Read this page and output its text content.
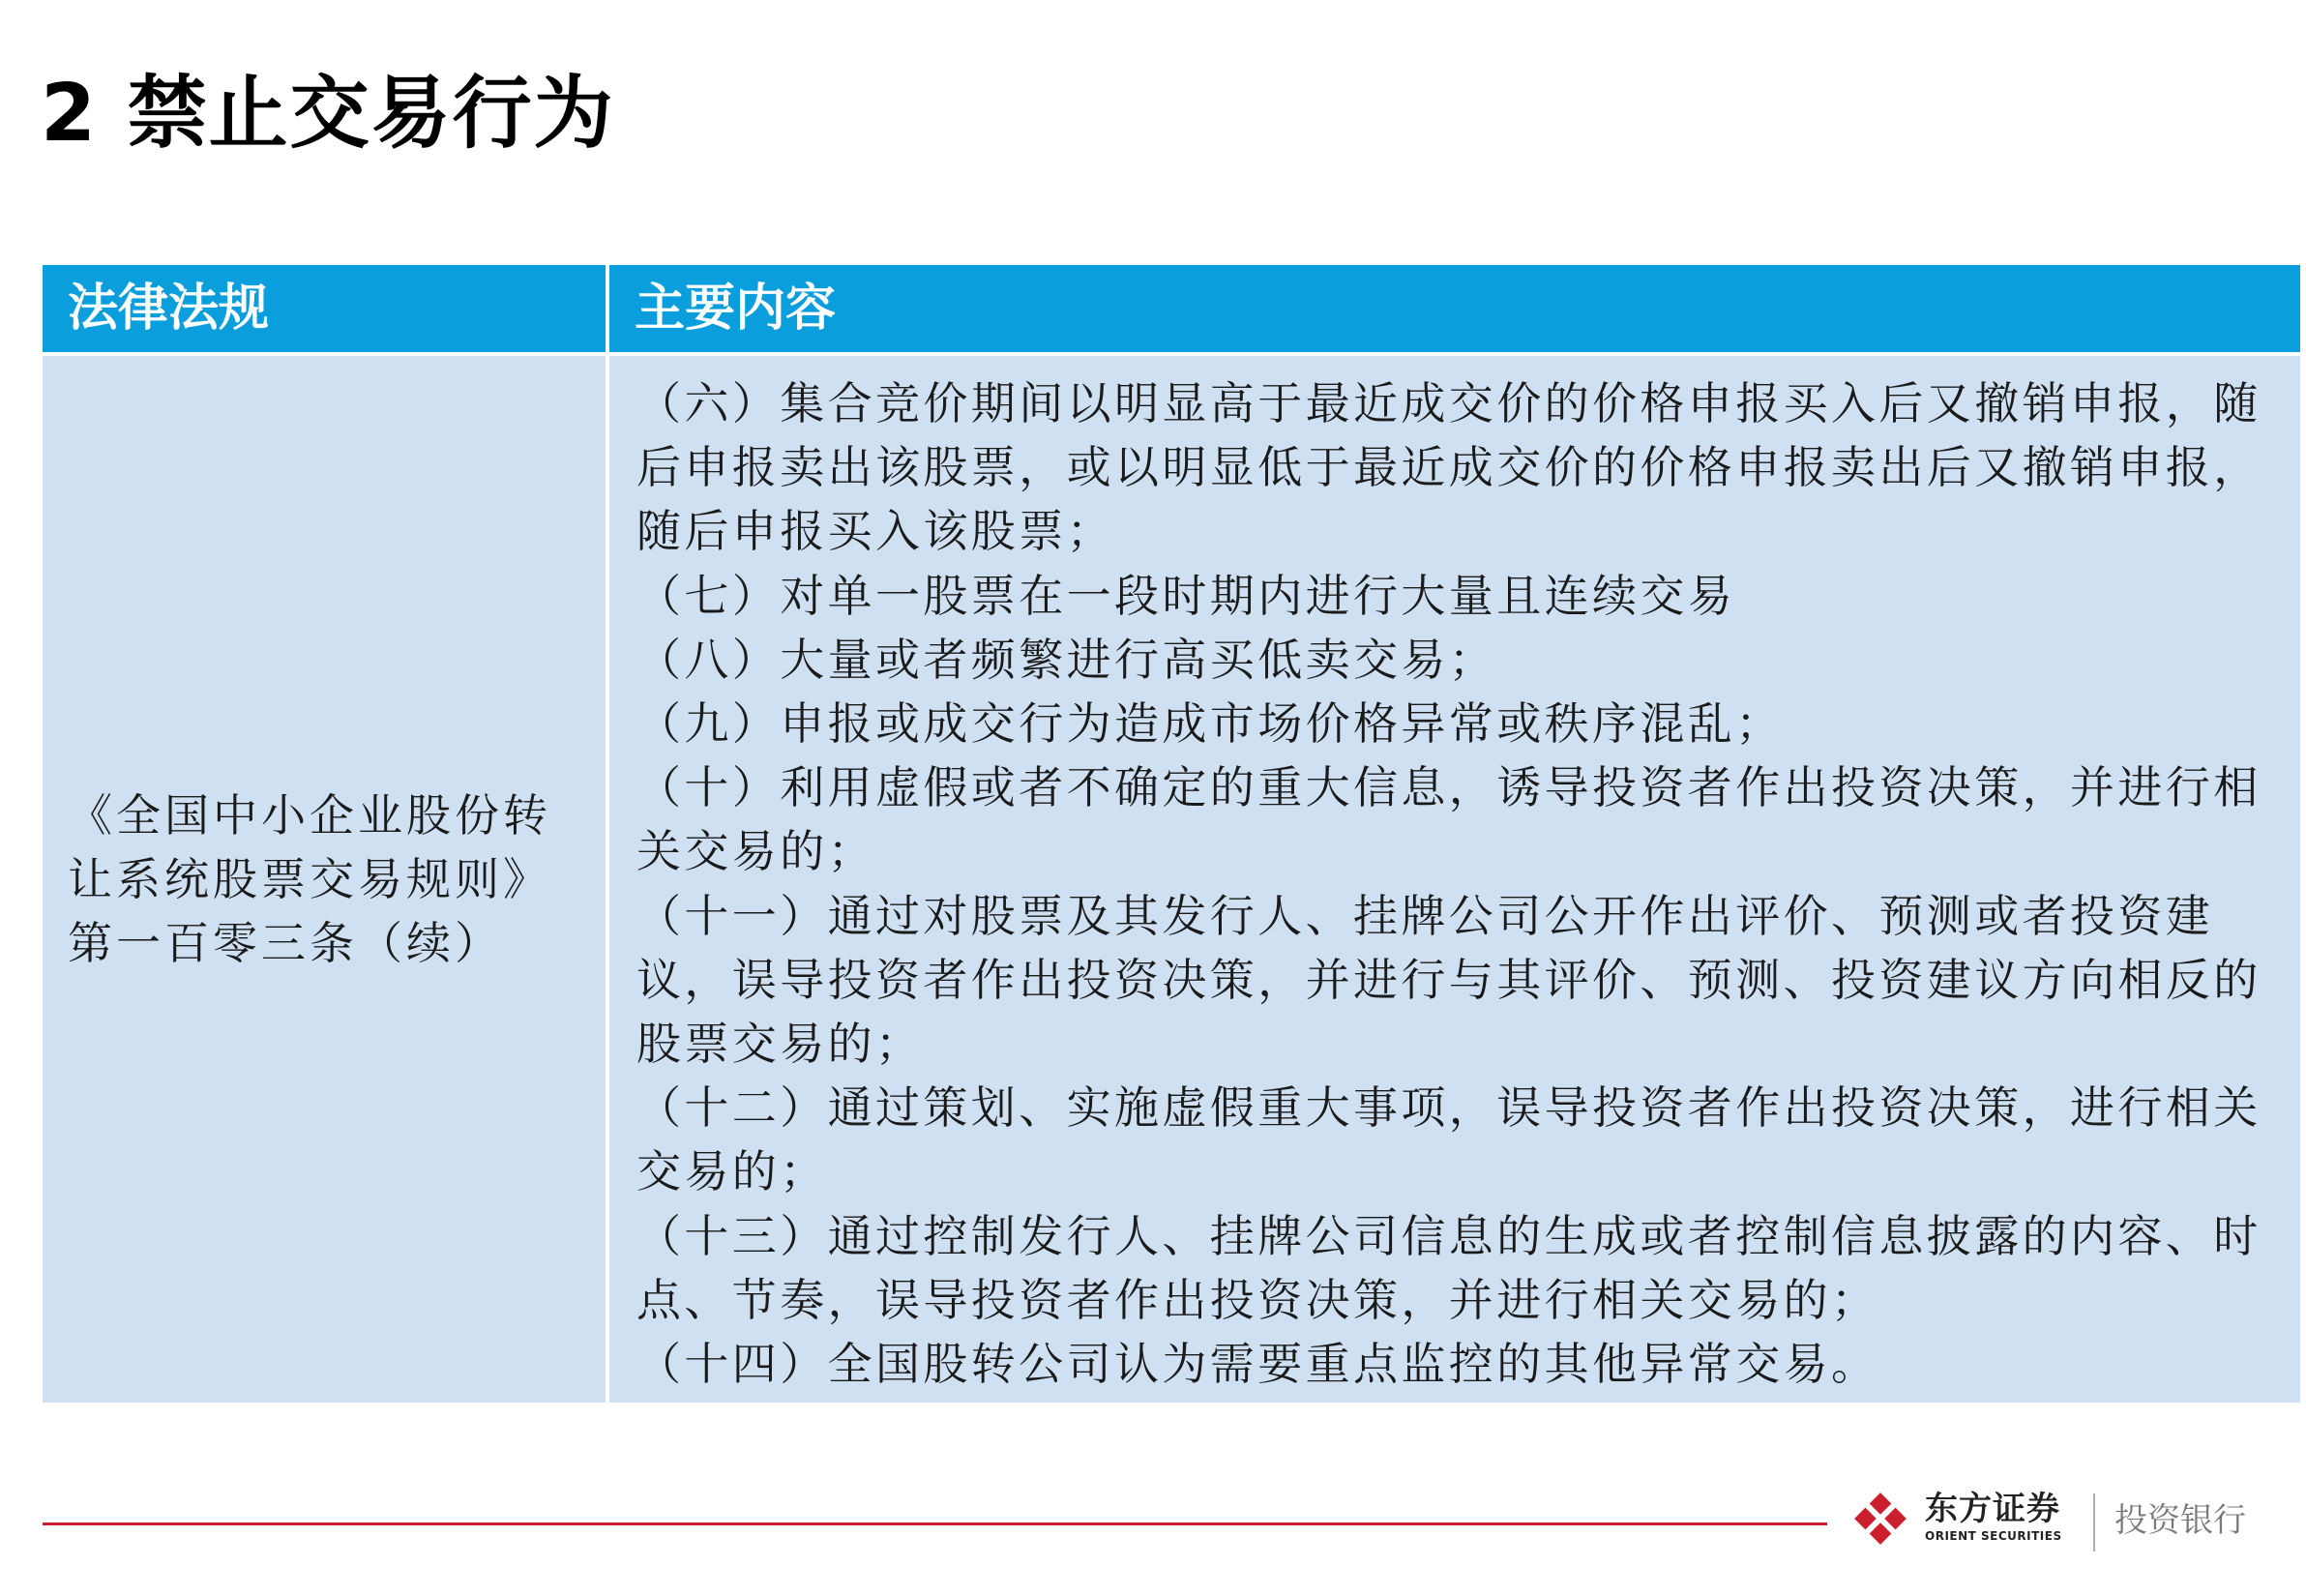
2 禁止交易行为
法律法规	主要内容
《全国中小企业股份转让系统股票交易规则》第一百零三条（续）

（六）集合竞价期间以明显高于最近成交价的价格申报买入后又撤销申报，随后申报卖出该股票，或以明显低于最近成交价的价格申报卖出后又撤销申报，随后申报买入该股票；

（七）对单一股票在一段时期内进行大量且连续交易

（八）大量或者频繁进行高买低卖交易；

（九）申报或成交行为造成市场价格异常或秩序混乱；

（十）利用虚假或者不确定的重大信息，诱导投资者作出投资决策，并进行相关交易的；

（十一）通过对股票及其发行人、挂牌公司公开作出评价、预测或者投资建议，误导投资者作出投资决策，并进行与其评价、预测、投资建议方向相反的股票交易的；

（十二）通过策划、实施虚假重大事项，误导投资者作出投资决策，进行相关交易的；

（十三）通过控制发行人、挂牌公司信息的生成或者控制信息披露的内容、时点、节奏，误导投资者作出投资决策，并进行相关交易的；

（十四）全国股转公司认为需要重点监控的其他异常交易。

东方证券
ORIENT SECURITIES 投资银行
